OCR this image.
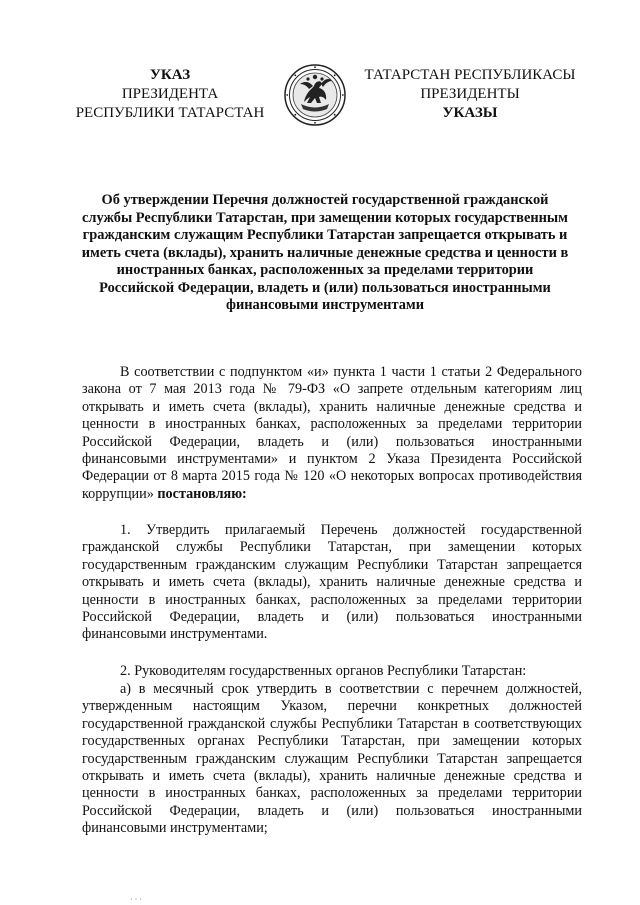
УКАЗ
ПРЕЗИДЕНТА
РЕСПУБЛИКИ ТАТАРСТАН
ТАТАРСТАН РЕСПУБЛИКАСЫ
ПРЕЗИДЕНТЫ
УКАЗЫ
Об утверждении Перечня должностей государственной гражданской службы Республики Татарстан, при замещении которых государственным гражданским служащим Республики Татарстан запрещается открывать и иметь счета (вклады), хранить наличные денежные средства и ценности в иностранных банках, расположенных за пределами территории Российской Федерации, владеть и (или) пользоваться иностранными финансовыми инструментами

В соответствии с подпунктом «и» пункта 1 части 1 статьи 2 Федерального закона от 7 мая 2013 года № 79-ФЗ «О запрете отдельным категориям лиц открывать и иметь счета (вклады), хранить наличные денежные средства и ценности в иностранных банках, расположенных за пределами территории Российской Федерации, владеть и (или) пользоваться иностранными финансовыми инструментами» и пунктом 2 Указа Президента Российской Федерации от 8 марта 2015 года № 120 «О некоторых вопросах противодействия коррупции» постановляю:

1. Утвердить прилагаемый Перечень должностей государственной гражданской службы Республики Татарстан, при замещении которых государственным гражданским служащим Республики Татарстан запрещается открывать и иметь счета (вклады), хранить наличные денежные средства и ценности в иностранных банках, расположенных за пределами территории Российской Федерации, владеть и (или) пользоваться иностранными финансовыми инструментами.

2. Руководителям государственных органов Республики Татарстан:

а) в месячный срок утвердить в соответствии с перечнем должностей, утвержденным настоящим Указом, перечни конкретных должностей государственной гражданской службы Республики Татарстан в соответствующих государственных органах Республики Татарстан, при замещении которых государственным гражданским служащим Республики Татарстан запрещается открывать и иметь счета (вклады), хранить наличные денежные средства и ценности в иностранных банках, расположенных за пределами территории Российской Федерации, владеть и (или) пользоваться иностранными финансовыми инструментами;

· · ·
